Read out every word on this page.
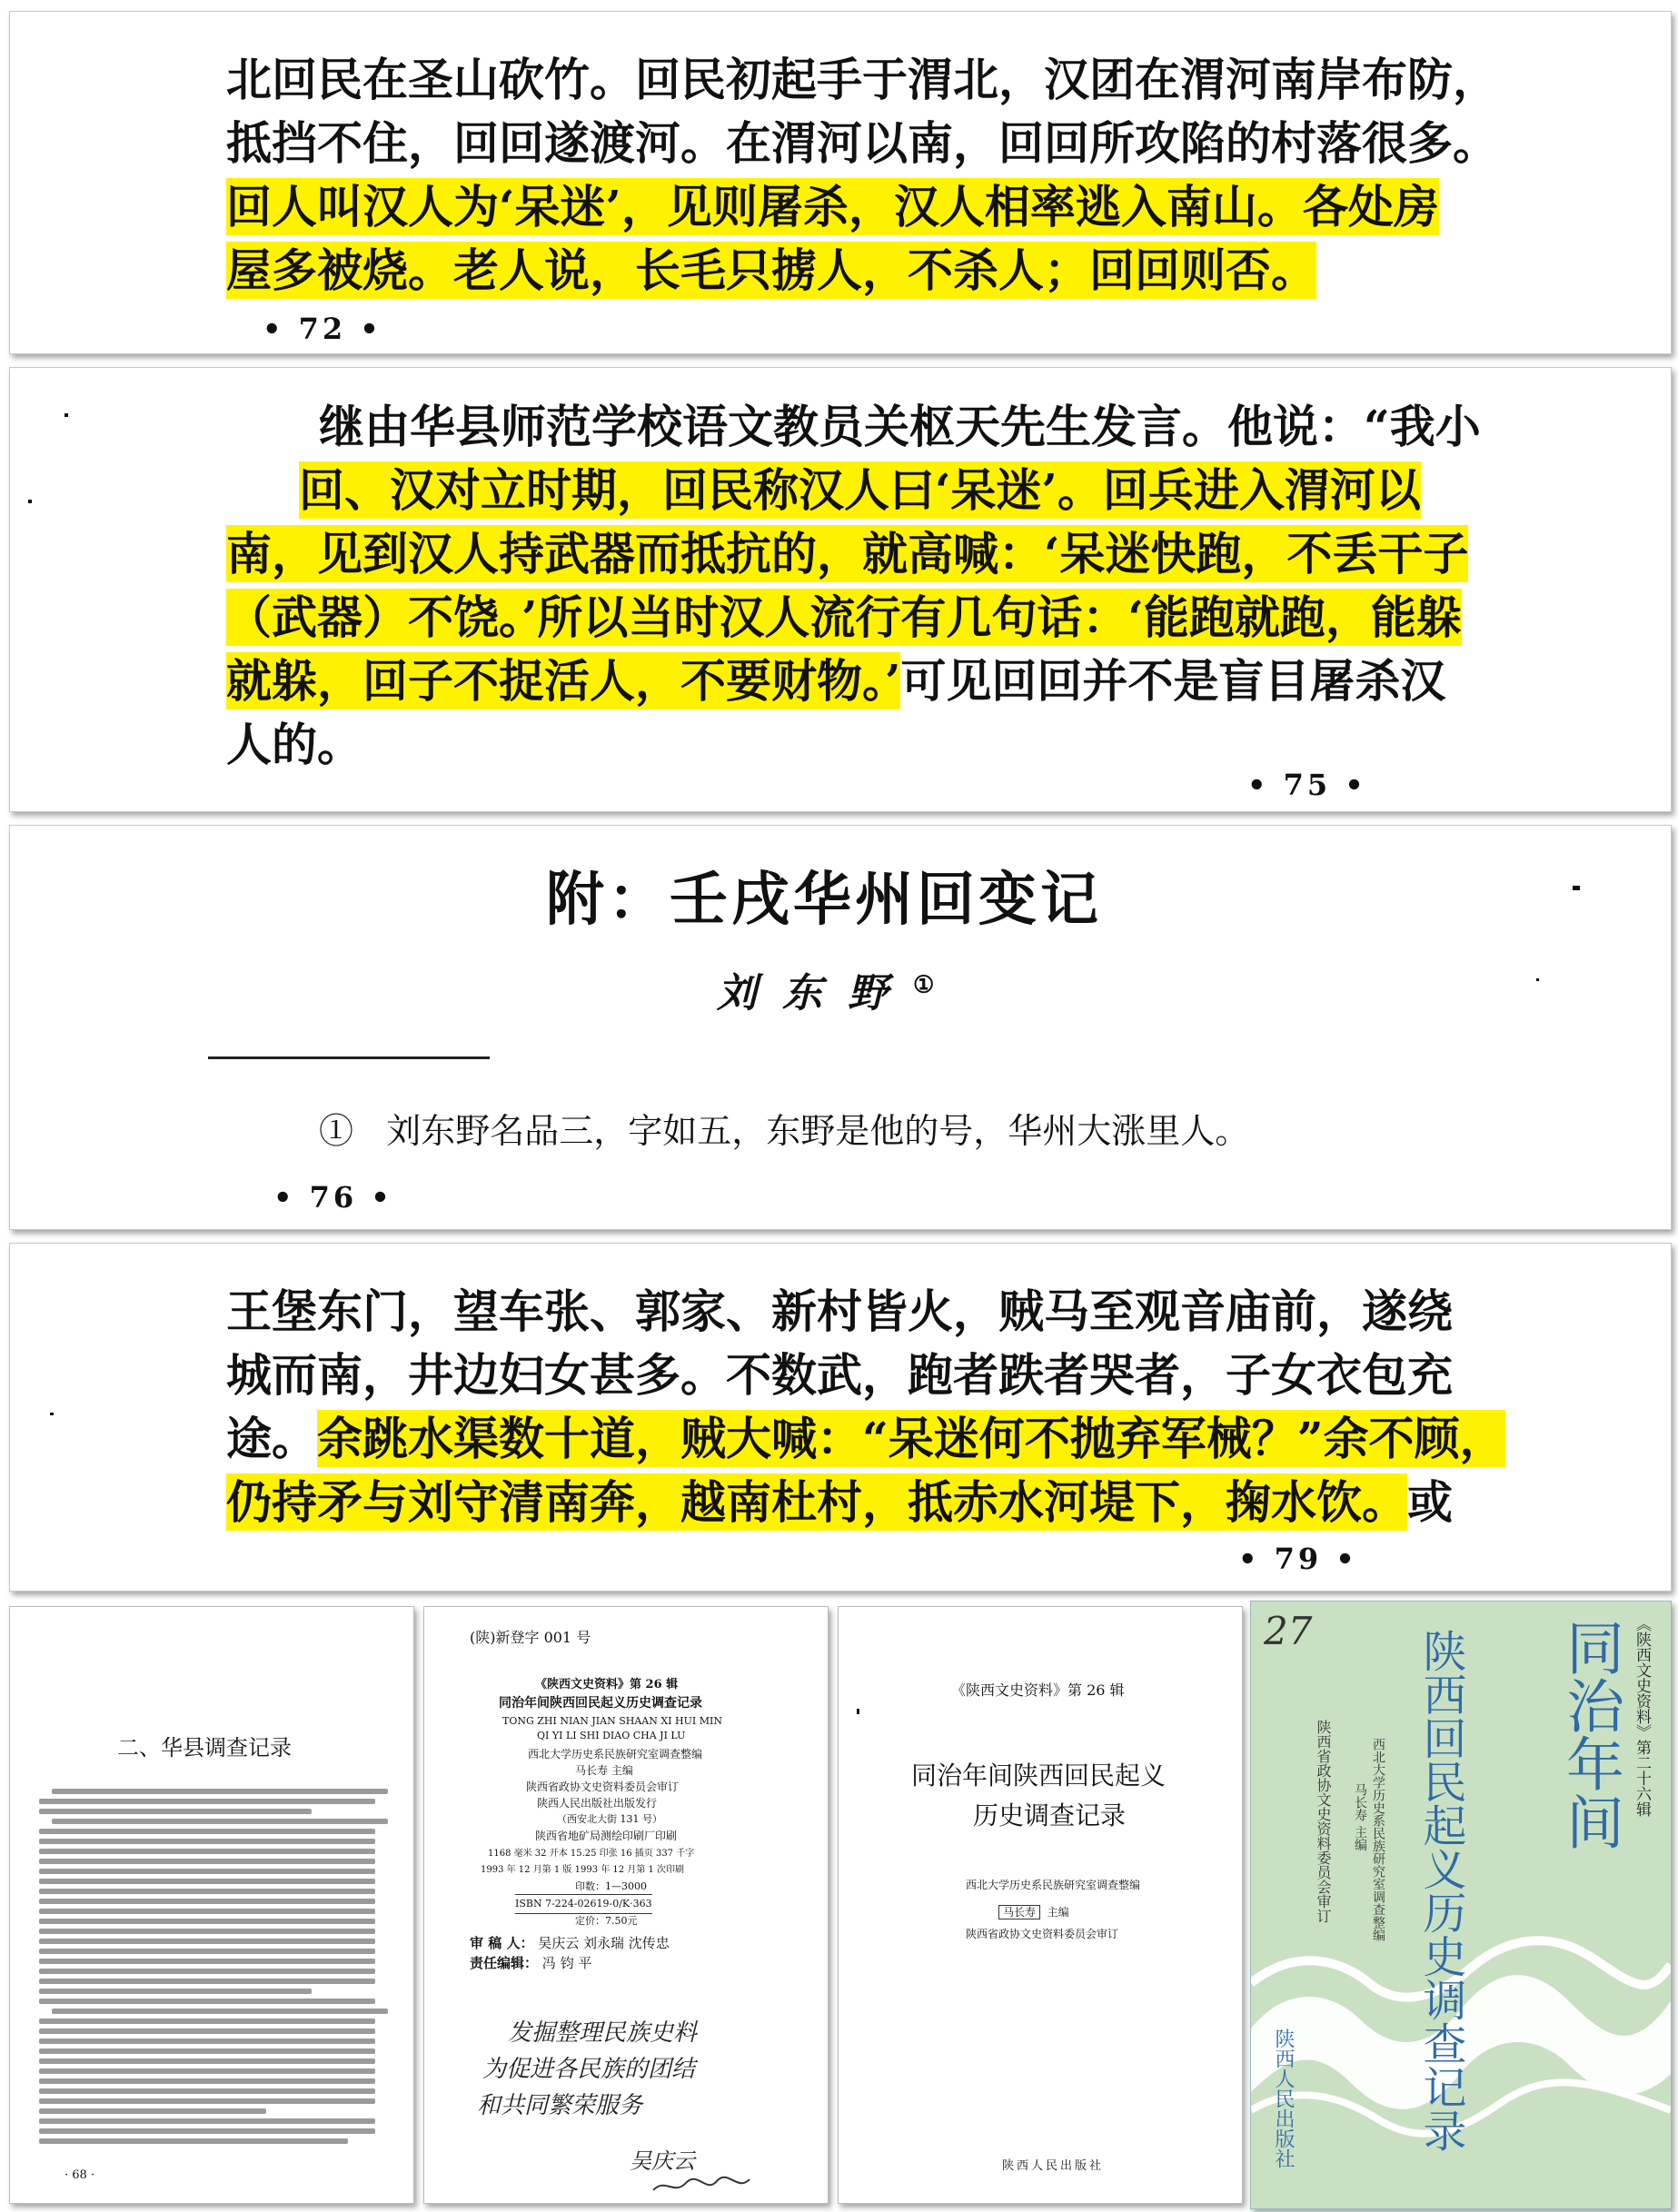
北回民在圣山砍竹。回民初起手于渭北，汉团在渭河南岸布防，
抵挡不住，回回遂渡河。在渭河以南，回回所攻陷的村落很多。
回人叫汉人为‘呆迷’，见则屠杀，汉人相率逃入南山。各处房
屋多被烧。老人说，长毛只掳人，不杀人；回回则否。
• 72 •
继由华县师范学校语文教员关枢天先生发言。他说：“我小
回、汉对立时期，回民称汉人曰‘呆迷’。回兵进入渭河以
南，见到汉人持武器而抵抗的，就高喊：‘呆迷快跑，不丢干子
（武器）不饶。’所以当时汉人流行有几句话：‘能跑就跑，能躲
就躲，回子不捉活人，不要财物。’可见回回并不是盲目屠杀汉
人的。
• 75 •
附：壬戌华州回变记
刘东野①
① 刘东野名品三，字如五，东野是他的号，华州大涨里人。
• 76 •
王堡东门，望车张、郭家、新村皆火，贼马至观音庙前，遂绕
城而南，井边妇女甚多。不数武，跑者跌者哭者，子女衣包充
途。余跳水渠数十道，贼大喊：“呆迷何不抛弃军械？”余不顾，
仍持矛与刘守清南奔，越南杜村，抵赤水河堤下，掬水饮。或
• 79 •
二、华县调查记录
· 68 ·
(陕)新登字 001 号
《陕西文史资料》第 26 辑
同治年间陕西回民起义历史调查记录
TONG ZHI NIAN JIAN SHAAN XI HUI MIN
QI YI LI SHI DIAO CHA JI LU
西北大学历史系民族研究室调查整编
马长寿 主编
陕西省政协文史资料委员会审订
陕西人民出版社出版发行
（西安北大街 131 号）
陕西省地矿局测绘印刷厂印刷
1168 毫米 32 开本 15.25 印张 16 插页 337 千字
1993 年 12 月第 1 版 1993 年 12 月第 1 次印刷
印数：1—3000
ISBN 7-224-02619-0/K·363
定价：7.50元
审 稿 人： 吴庆云 刘永瑞 沈传忠
责任编辑： 冯 钧 平
发掘整理民族史料
为促进各民族的团结
和共同繁荣服务
吴庆云
《陕西文史资料》第 26 辑
同治年间陕西回民起义
历史调查记录
西北大学历史系民族研究室调查整编
马长寿 主编
陕西省政协文史资料委员会审订
陕西人民出版社
27	《陕西文史资料》第二十六辑
同治年间
陕西回民起义历史调查记录
西北大学历史系民族研究室调查整编
马长寿 主编
陕西省政协文史资料委员会审订
陕西人民出版社
